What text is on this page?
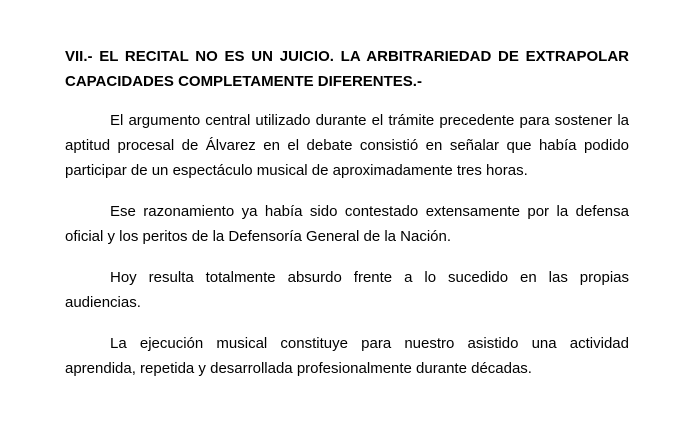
VII.- EL RECITAL NO ES UN JUICIO. LA ARBITRARIEDAD DE EXTRAPOLAR CAPACIDADES COMPLETAMENTE DIFERENTES.-

El argumento central utilizado durante el trámite precedente para sostener la aptitud procesal de Álvarez en el debate consistió en señalar que había podido participar de un espectáculo musical de aproximadamente tres horas.

Ese razonamiento ya había sido contestado extensamente por la defensa oficial y los peritos de la Defensoría General de la Nación.

Hoy resulta totalmente absurdo frente a lo sucedido en las propias audiencias.

La ejecución musical constituye para nuestro asistido una actividad aprendida, repetida y desarrollada profesionalmente durante décadas.
